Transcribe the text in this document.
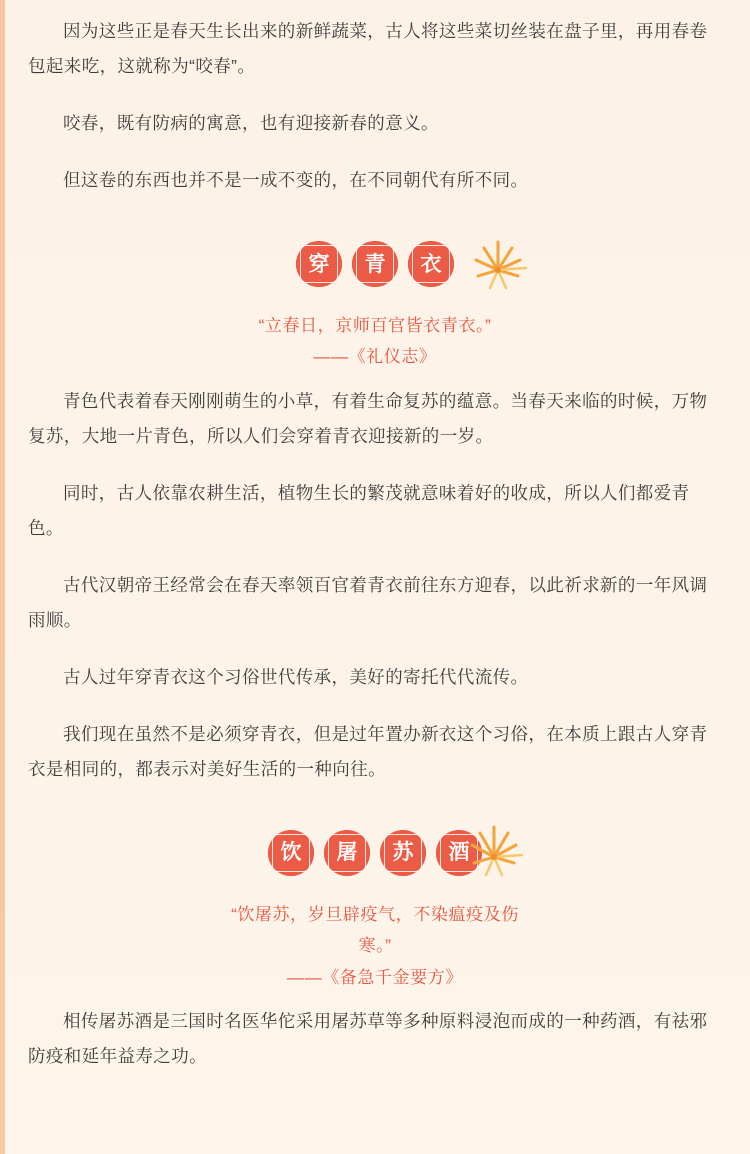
因为这些正是春天生长出来的新鲜蔬菜，古人将这些菜切丝装在盘子里，再用春卷包起来吃，这就称为“咬春”。

咬春，既有防病的寓意，也有迎接新春的意义。

但这卷的东西也并不是一成不变的，在不同朝代有所不同。

穿 青 衣
“立春日，京师百官皆衣青衣。”
——《礼仪志》

青色代表着春天刚刚萌生的小草，有着生命复苏的蕴意。当春天来临的时候，万物复苏，大地一片青色，所以人们会穿着青衣迎接新的一岁。

同时，古人依靠农耕生活，植物生长的繁茂就意味着好的收成，所以人们都爱青色。

古代汉朝帝王经常会在春天率领百官着青衣前往东方迎春，以此祈求新的一年风调雨顺。

古人过年穿青衣这个习俗世代传承，美好的寄托代代流传。

我们现在虽然不是必须穿青衣，但是过年置办新衣这个习俗，在本质上跟古人穿青衣是相同的，都表示对美好生活的一种向往。

饮 屠 苏 酒
“饮屠苏，岁旦辟疫气，不染瘟疫及伤
寒。”
——《备急千金要方》

相传屠苏酒是三国时名医华佗采用屠苏草等多种原料浸泡而成的一种药酒，有祛邪防疫和延年益寿之功。
